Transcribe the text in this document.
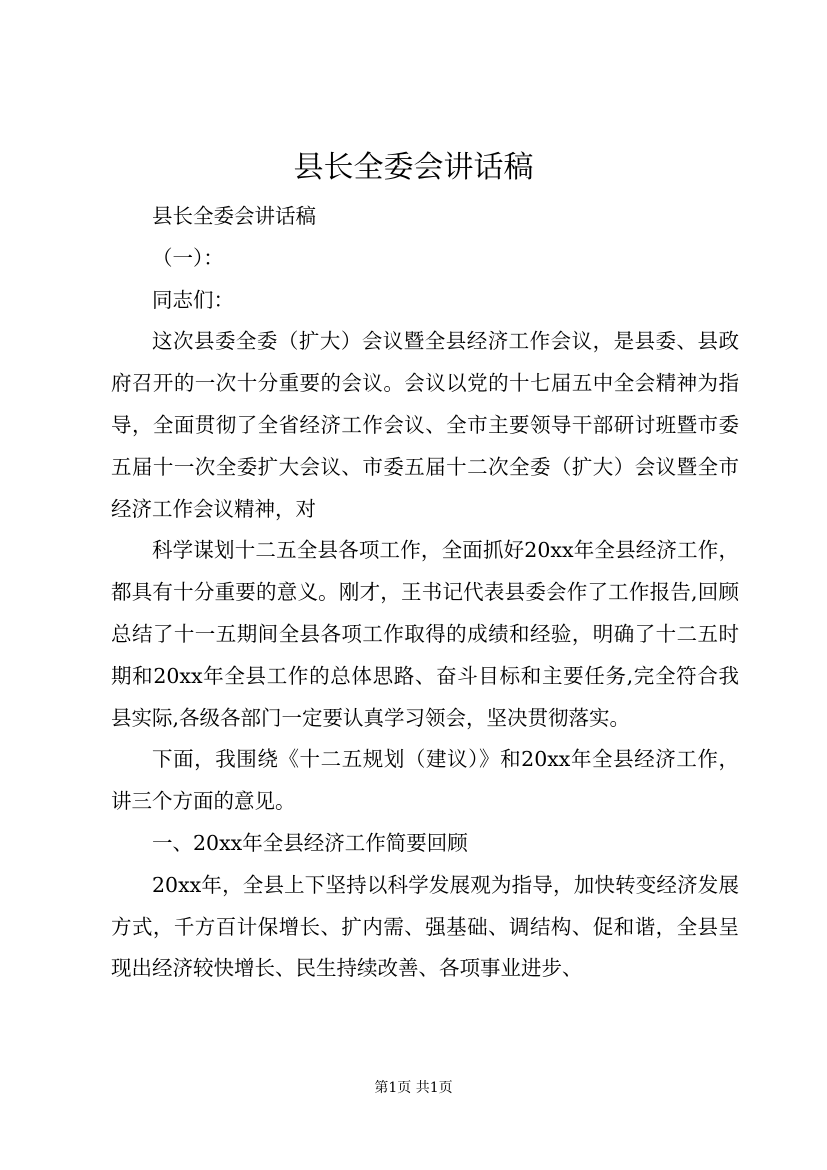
县长全委会讲话稿

县长全委会讲话稿

（一）：

同志们：

这次县委全委（扩大）会议暨全县经济工作会议，是县委、县政府召开的一次十分重要的会议。会议以党的十七届五中全会精神为指导，全面贯彻了全省经济工作会议、全市主要领导干部研讨班暨市委五届十一次全委扩大会议、市委五届十二次全委（扩大）会议暨全市经济工作会议精神，对

科学谋划十二五全县各项工作，全面抓好20xx年全县经济工作，都具有十分重要的意义。刚才，王书记代表县委会作了工作报告,回顾总结了十一五期间全县各项工作取得的成绩和经验，明确了十二五时期和20xx年全县工作的总体思路、奋斗目标和主要任务,完全符合我县实际,各级各部门一定要认真学习领会，坚决贯彻落实。

下面，我围绕《十二五规划（建议）》和20xx年全县经济工作，讲三个方面的意见。

一、20xx年全县经济工作简要回顾

20xx年，全县上下坚持以科学发展观为指导，加快转变经济发展方式，千方百计保增长、扩内需、强基础、调结构、促和谐，全县呈现出经济较快增长、民生持续改善、各项事业进步、

第1页 共1页
